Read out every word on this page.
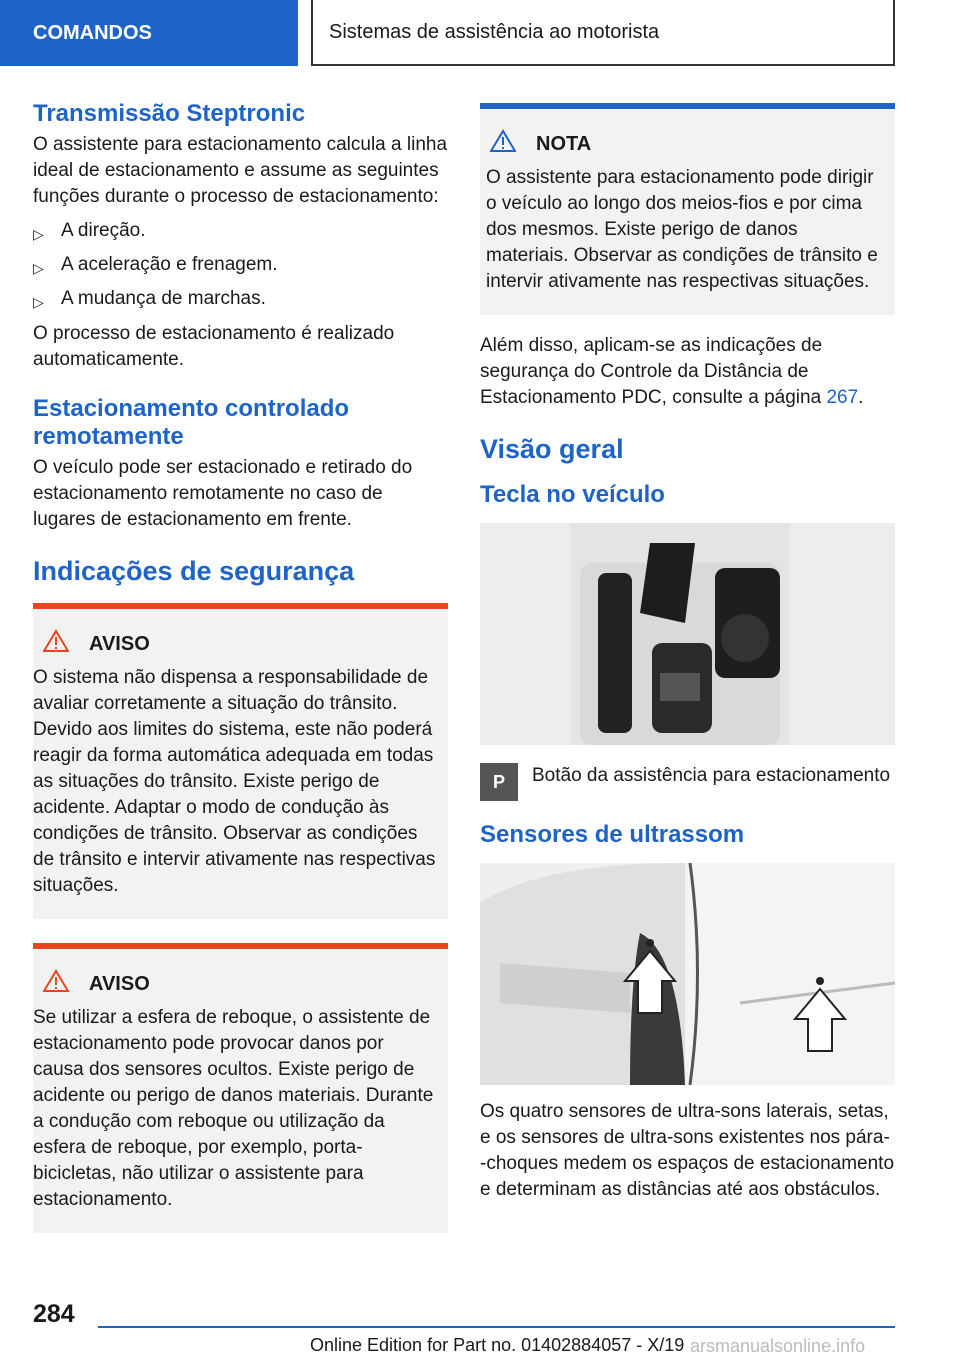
COMANDOS	Sistemas de assistência ao motorista
Transmissão Steptronic

O assistente para estacionamento calcula a linha ideal de estacionamento e assume as seguintes funções durante o processo de estacionamento:

▷ A direção.
▷ A aceleração e frenagem.
▷ A mudança de marchas.

O processo de estacionamento é realizado automaticamente.

Estacionamento controlado remotamente

O veículo pode ser estacionado e retirado do estacionamento remotamente no caso de lugares de estacionamento em frente.

Indicações de segurança
AVISO

O sistema não dispensa a responsabilidade de avaliar corretamente a situação do trânsito. Devido aos limites do sistema, este não poderá reagir da forma automática adequada em todas as situações do trânsito. Existe perigo de acidente. Adaptar o modo de condução às condições de trânsito. Observar as condições de trânsito e intervir ativamente nas respectivas situações.

AVISO

Se utilizar a esfera de reboque, o assistente de estacionamento pode provocar danos por causa dos sensores ocultos. Existe perigo de acidente ou perigo de danos materiais. Durante a condução com reboque ou utilização da esfera de reboque, por exemplo, porta-bicicletas, não utilizar o assistente para estacionamento.

NOTA

O assistente para estacionamento pode dirigir o veículo ao longo dos meios-fios e por cima dos mesmos. Existe perigo de danos materiais. Observar as condições de trânsito e intervir ativamente nas respectivas situações.

Além disso, aplicam-se as indicações de segurança do Controle da Distância de Estacionamento PDC, consulte a página 267.

Visão geral
Tecla no veículo
P	Botão da assistência para estacionamento

Sensores de ultrassom

Os quatro sensores de ultra-sons laterais, setas, e os sensores de ultra-sons existentes nos pára--choques medem os espaços de estacionamento e determinam as distâncias até aos obstáculos.

284
Online Edition for Part no. 01402884057 - X/19 arsmanualsonline.info
